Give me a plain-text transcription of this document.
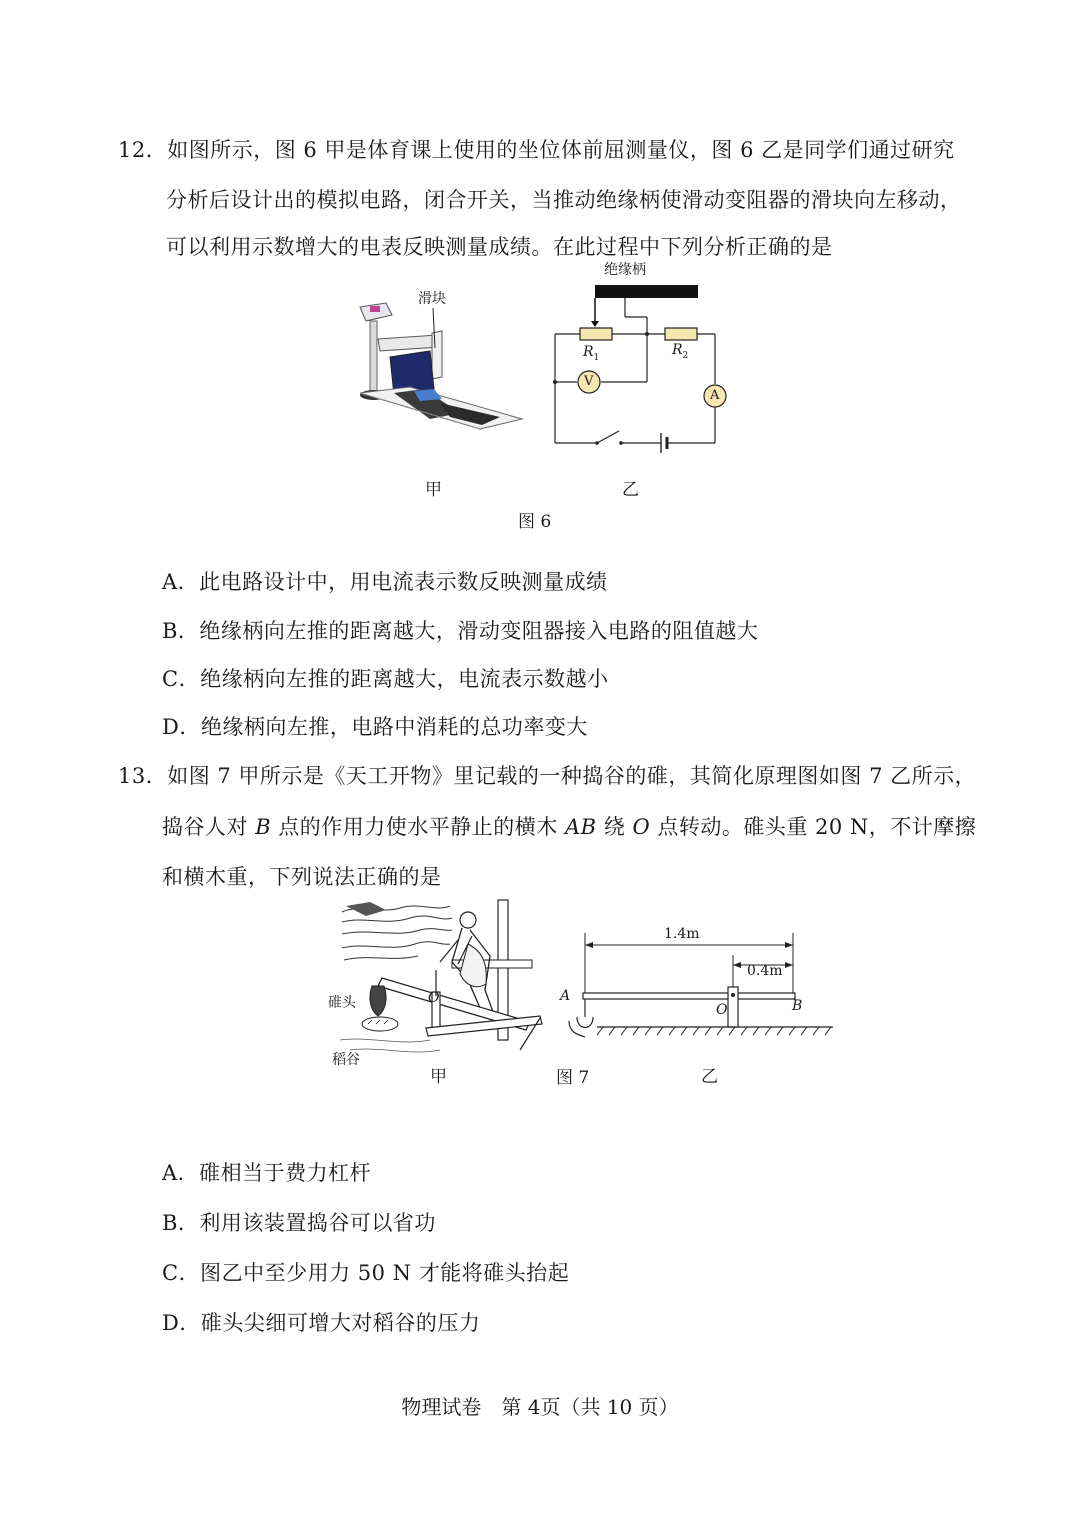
12．如图所示，图 6 甲是体育课上使用的坐位体前屈测量仪，图 6 乙是同学们通过研究
分析后设计出的模拟电路，闭合开关，当推动绝缘柄使滑动变阻器的滑块向左移动，
可以利用示数增大的电表反映测量成绩。在此过程中下列分析正确的是
滑块
绝缘柄
$R_1$	$R_2$
V
A
甲	乙
图 6
A．此电路设计中，用电流表示数反映测量成绩
B．绝缘柄向左推的距离越大，滑动变阻器接入电路的阻值越大
C．绝缘柄向左推的距离越大，电流表示数越小
D．绝缘柄向左推，电路中消耗的总功率变大
13．如图 7 甲所示是《天工开物》里记载的一种捣谷的碓，其简化原理图如图 7 乙所示，
捣谷人对 B 点的作用力使水平静止的横木 AB 绕 O 点转动。碓头重 20 N，不计摩擦
和横木重，下列说法正确的是
碓头
稻谷
O
1.4m
0.4m
A
O	B
甲	图 7	乙
A．碓相当于费力杠杆
B．利用该装置捣谷可以省功
C．图乙中至少用力 50 N 才能将碓头抬起
D．碓头尖细可增大对稻谷的压力
物理试卷　第 4页（共 10 页）
